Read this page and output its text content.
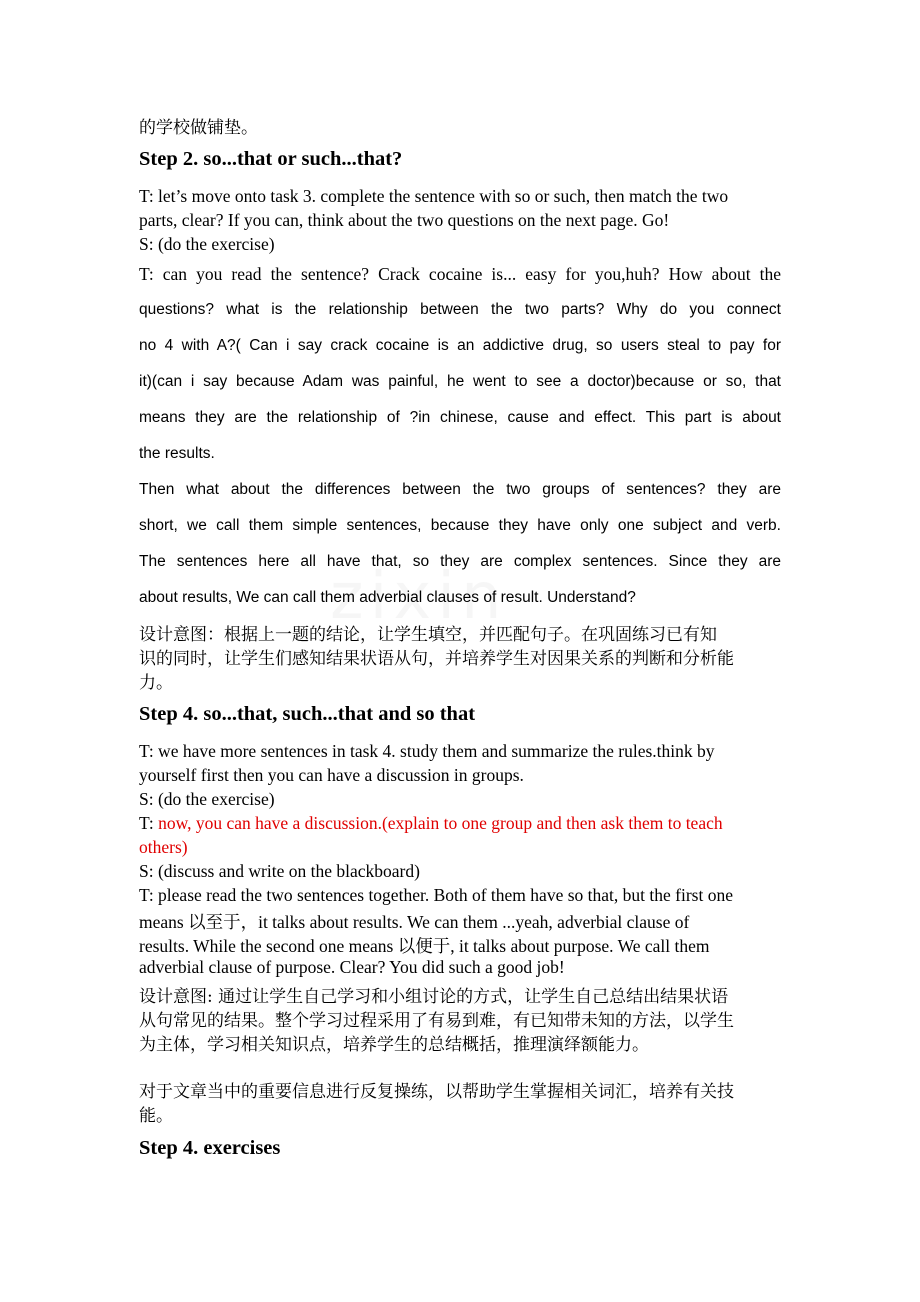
的学校做铺垫。
Step 2. so...that or such...that?
T: let’s move onto task 3. complete the sentence with so or such, then match the two
parts, clear? If you can, think about the two questions on the next page. Go!
S: (do the exercise)
T: can you read the sentence? Crack cocaine is... easy for you,huh? How about the
questions? what is the relationship between the two parts? Why do you connect
no 4 with A?( Can i say crack cocaine is an addictive drug, so users steal to pay for
it)(can i say because Adam was painful, he went to see a doctor)because or so, that
means they are the relationship of ?in chinese, cause and effect. This part is about
the results.
Then what about the differences between the two groups of sentences? they are
short, we call them simple sentences, because they have only one subject and verb.
The sentences here all have that, so they are complex sentences. Since they are
about results, We can call them adverbial clauses of result. Understand?
设计意图：根据上一题的结论，让学生填空，并匹配句子。在巩固练习已有知
识的同时，让学生们感知结果状语从句，并培养学生对因果关系的判断和分析能
力。
Step 4. so...that, such...that and so that
T: we have more sentences in task 4. study them and summarize the rules.think by
yourself first then you can have a discussion in groups.
S: (do the exercise)
T: now, you can have a discussion.(explain to one group and then ask them to teach
others)
S: (discuss and write on the blackboard)
T: please read the two sentences together. Both of them have so that, but the first one
means 以至于，it talks about results. We can them ...yeah, adverbial clause of
results. While the second one means 以便于, it talks about purpose. We call them
adverbial clause of purpose. Clear? You did such a good job!
设计意图: 通过让学生自己学习和小组讨论的方式，让学生自己总结出结果状语
从句常见的结果。整个学习过程采用了有易到难，有已知带未知的方法，以学生
为主体，学习相关知识点，培养学生的总结概括，推理演绎额能力。
对于文章当中的重要信息进行反复操练，以帮助学生掌握相关词汇，培养有关技
能。
Step 4. exercises
